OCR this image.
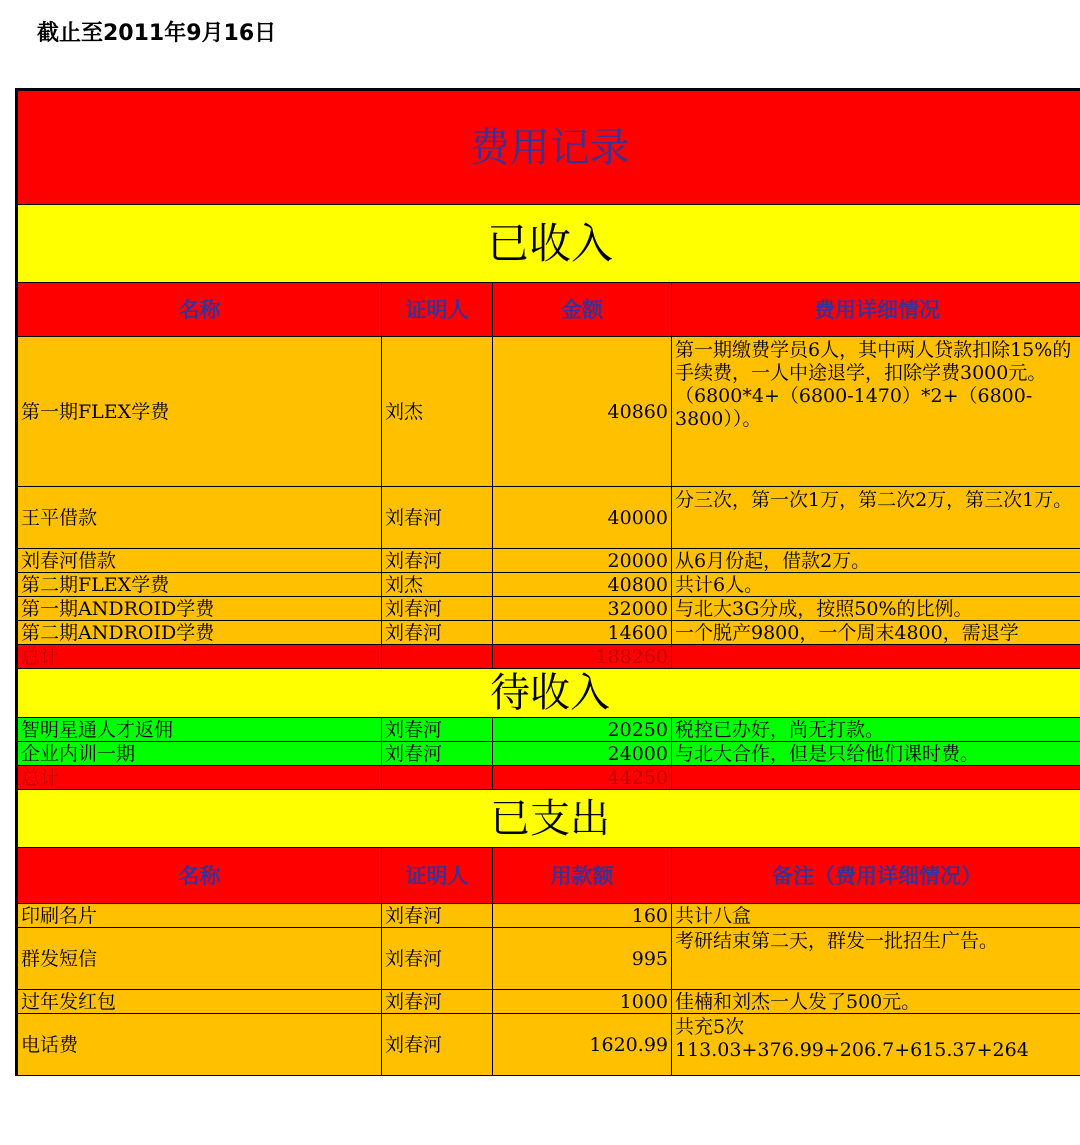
截止至2011年9月16日
费用记录			
已收入			
名称	证明人	金额	费用详细情况
第一期FLEX学费	刘杰	40860	第一期缴费学员6人，其中两人贷款扣除15%的手续费，一人中途退学，扣除学费3000元。（6800*4+（6800-1470）*2+（6800-3800））。
王平借款	刘春河	40000	分三次，第一次1万，第二次2万，第三次1万。
刘春河借款	刘春河	20000	从6月份起，借款2万。
第二期FLEX学费	刘杰	40800	共计6人。
第一期ANDROID学费	刘春河	32000	与北大3G分成，按照50%的比例。
第二期ANDROID学费	刘春河	14600	一个脱产9800，一个周末4800，需退学
总计		188260	
待收入			
智明星通人才返佣	刘春河	20250	税控已办好，尚无打款。
企业内训一期	刘春河	24000	与北大合作，但是只给他们课时费。
总计		44250	
已支出			
名称	证明人	用款额	备注（费用详细情况）
印刷名片	刘春河	160	共计八盒
群发短信	刘春河	995	考研结束第二天，群发一批招生广告。
过年发红包	刘春河	1000	佳楠和刘杰一人发了500元。
电话费	刘春河	1620.99	共充5次 113.03+376.99+206.7+615.37+264
